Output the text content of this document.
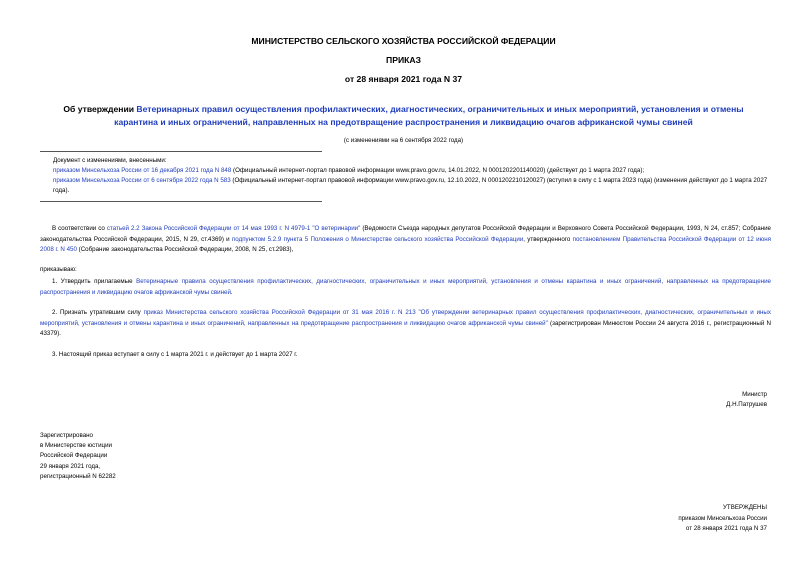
МИНИСТЕРСТВО СЕЛЬСКОГО ХОЗЯЙСТВА РОССИЙСКОЙ ФЕДЕРАЦИИ
ПРИКАЗ
от 28 января 2021 года N 37
Об утверждении Ветеринарных правил осуществления профилактических, диагностических, ограничительных и иных мероприятий, установления и отмены карантина и иных ограничений, направленных на предотвращение распространения и ликвидацию очагов африканской чумы свиней
(с изменениями на 6 сентября 2022 года)
Документ с изменениями, внесенными:
приказом Минсельхоза России от 16 декабря 2021 года N 848 (Официальный интернет-портал правовой информации www.pravo.gov.ru, 14.01.2022, N 0001202201140020) (действует до 1 марта 2027 года);
приказом Минсельхоза России от 6 сентября 2022 года N 583 (Официальный интернет-портал правовой информации www.pravo.gov.ru, 12.10.2022, N 0001202210120027) (вступил в силу с 1 марта 2023 года) (изменения действуют до 1 марта 2027 года).
В соответствии со статьей 2.2 Закона Российской Федерации от 14 мая 1993 г. N 4979-1 "О ветеринарии" (Ведомости Съезда народных депутатов Российской Федерации и Верховного Совета Российской Федерации, 1993, N 24, ст.857; Собрание законодательства Российской Федерации, 2015, N 29, ст.4369) и подпунктом 5.2.9 пункта 5 Положения о Министерстве сельского хозяйства Российской Федерации, утвержденного постановлением Правительства Российской Федерации от 12 июня 2008 г. N 450 (Собрание законодательства Российской Федерации, 2008, N 25, ст.2983),
приказываю:
1. Утвердить прилагаемые Ветеринарные правила осуществления профилактических, диагностических, ограничительных и иных мероприятий, установления и отмены карантина и иных ограничений, направленных на предотвращение распространения и ликвидацию очагов африканской чумы свиней.
2. Признать утратившим силу приказ Министерства сельского хозяйства Российской Федерации от 31 мая 2016 г. N 213 "Об утверждении ветеринарных правил осуществления профилактических, диагностических, ограничительных и иных мероприятий, установления и отмены карантина и иных ограничений, направленных на предотвращение распространения и ликвидацию очагов африканской чумы свиней" (зарегистрирован Минюстом России 24 августа 2016 г., регистрационный N 43379).
3. Настоящий приказ вступает в силу с 1 марта 2021 г. и действует до 1 марта 2027 г.
Министр
Д.Н.Патрушев
Зарегистрировано
в Министерстве юстиции
Российской Федерации
29 января 2021 года,
регистрационный N 62282
УТВЕРЖДЕНЫ
приказом Минсельхоза России
от 28 января 2021 года N 37
